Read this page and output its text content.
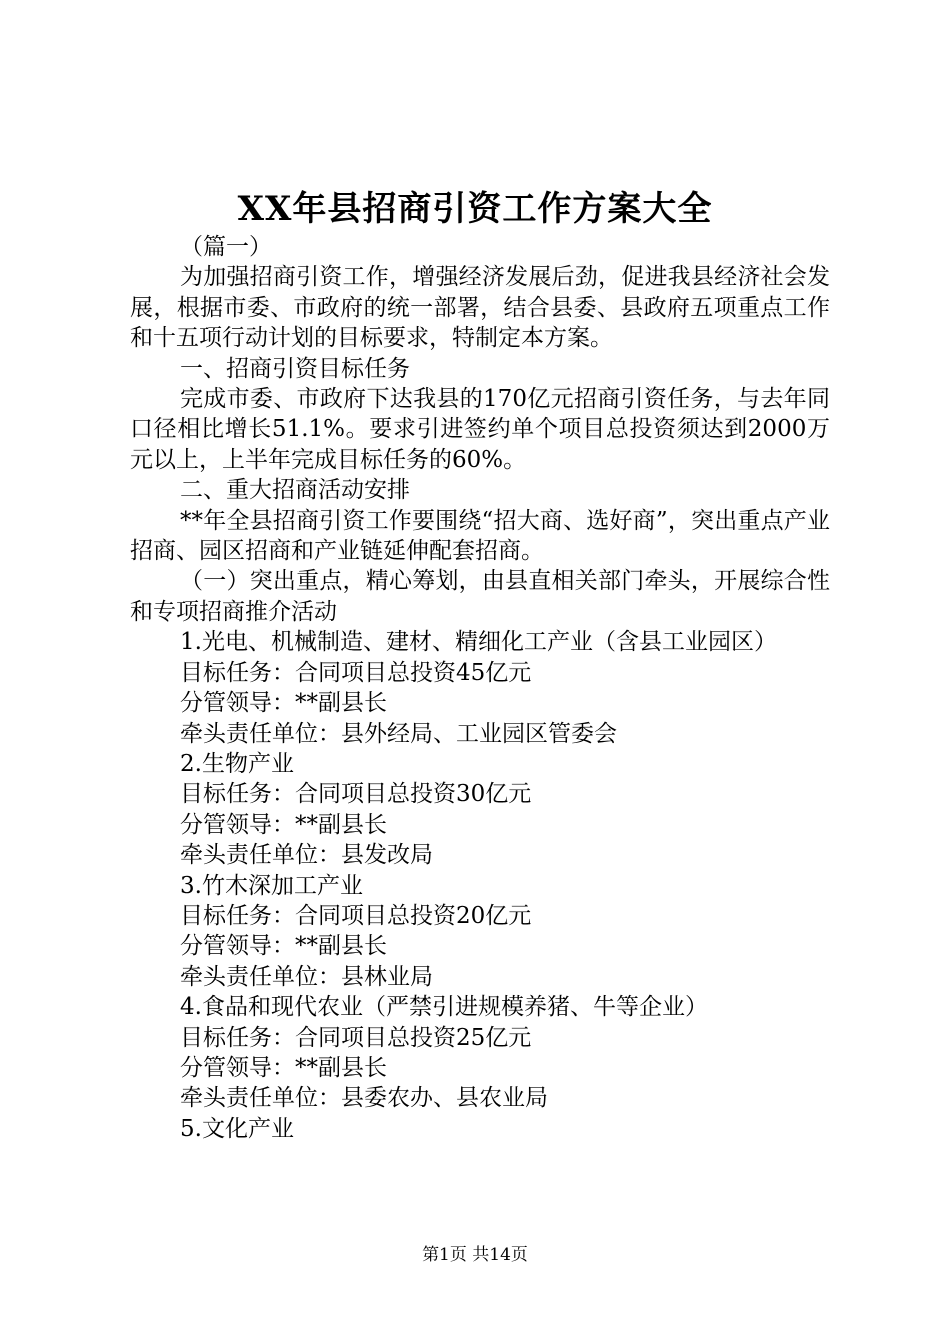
XX年县招商引资工作方案大全

（篇一）

为加强招商引资工作，增强经济发展后劲，促进我县经济社会发展，根据市委、市政府的统一部署，结合县委、县政府五项重点工作和十五项行动计划的目标要求，特制定本方案。

一、招商引资目标任务

完成市委、市政府下达我县的170亿元招商引资任务，与去年同口径相比增长51.1%。要求引进签约单个项目总投资须达到2000万元以上，上半年完成目标任务的60%。

二、重大招商活动安排

**年全县招商引资工作要围绕“招大商、选好商”，突出重点产业招商、园区招商和产业链延伸配套招商。

（一）突出重点，精心筹划，由县直相关部门牵头，开展综合性和专项招商推介活动

1.光电、机械制造、建材、精细化工产业（含县工业园区）

目标任务：合同项目总投资45亿元
分管领导：**副县长
牵头责任单位：县外经局、工业园区管委会
2.生物产业
目标任务：合同项目总投资30亿元
分管领导：**副县长
牵头责任单位：县发改局
3.竹木深加工产业
目标任务：合同项目总投资20亿元
分管领导：**副县长
牵头责任单位：县林业局
4.食品和现代农业（严禁引进规模养猪、牛等企业）
目标任务：合同项目总投资25亿元
分管领导：**副县长
牵头责任单位：县委农办、县农业局
5.文化产业
第1页 共14页
